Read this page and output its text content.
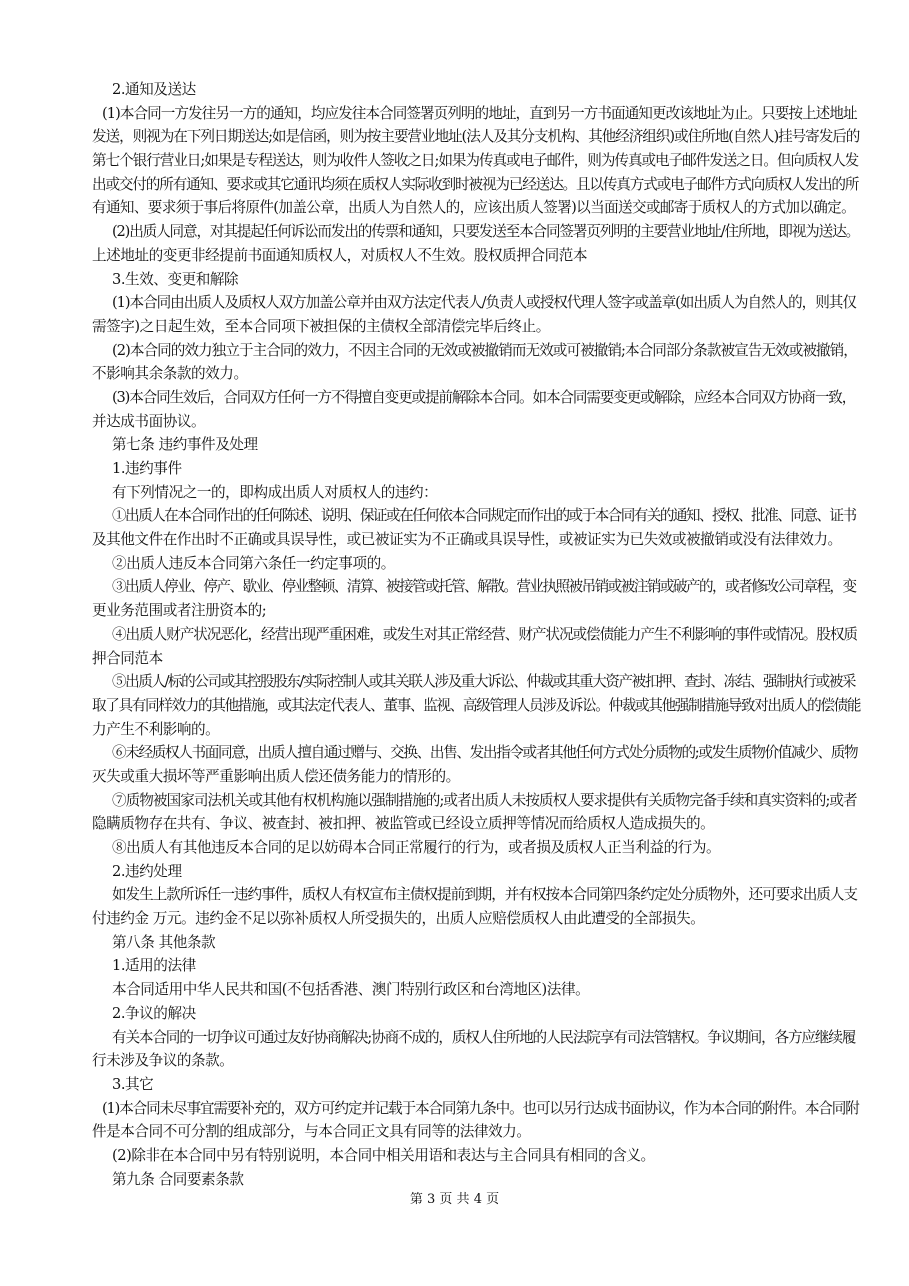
2.通知及送达
(1)本合同一方发往另一方的通知，均应发往本合同签署页列明的地址，直到另一方书面通知更改该地址为止。只要按上述地址
发送，则视为在下列日期送达;如是信函，则为按主要营业地址(法人及其分支机构、其他经济组织)或住所地(自然人)挂号寄发后的
第七个银行营业日;如果是专程送达，则为收件人签收之日;如果为传真或电子邮件，则为传真或电子邮件发送之日。但向质权人发
出或交付的所有通知、要求或其它通讯均须在质权人实际收到时被视为已经送达。且以传真方式或电子邮件方式向质权人发出的所
有通知、要求须于事后将原件(加盖公章，出质人为自然人的，应该出质人签署)以当面送交或邮寄于质权人的方式加以确定。
(2)出质人同意，对其提起任何诉讼而发出的传票和通知，只要发送至本合同签署页列明的主要营业地址/住所地，即视为送达。
上述地址的变更非经提前书面通知质权人，对质权人不生效。股权质押合同范本
3.生效、变更和解除
(1)本合同由出质人及质权人双方加盖公章并由双方法定代表人/负责人或授权代理人签字或盖章(如出质人为自然人的，则其仅
需签字)之日起生效，至本合同项下被担保的主债权全部清偿完毕后终止。
(2)本合同的效力独立于主合同的效力，不因主合同的无效或被撤销而无效或可被撤销;本合同部分条款被宣告无效或被撤销，
不影响其余条款的效力。
(3)本合同生效后，合同双方任何一方不得擅自变更或提前解除本合同。如本合同需要变更或解除，应经本合同双方协商一致，
并达成书面协议。
第七条 违约事件及处理
1.违约事件
有下列情况之一的，即构成出质人对质权人的违约：
①出质人在本合同作出的任何陈述、说明、保证或在任何依本合同规定而作出的或于本合同有关的通知、授权、批准、同意、证书
及其他文件在作出时不正确或具误导性，或已被证实为不正确或具误导性，或被证实为已失效或被撤销或没有法律效力。
②出质人违反本合同第六条任一约定事项的。
③出质人停业、停产、歇业、停业整顿、清算、被接管或托管、解散。营业执照被吊销或被注销或破产的，或者修改公司章程，变
更业务范围或者注册资本的;
④出质人财产状况恶化，经营出现严重困难，或发生对其正常经营、财产状况或偿债能力产生不利影响的事件或情况。股权质
押合同范本
⑤出质人/标的公司或其控股股东/实际控制人或其关联人涉及重大诉讼、仲裁或其重大资产被扣押、查封、冻结、强制执行或被采
取了具有同样效力的其他措施，或其法定代表人、董事、监视、高级管理人员涉及诉讼。仲裁或其他强制措施导致对出质人的偿债能
力产生不利影响的。
⑥未经质权人书面同意，出质人擅自通过赠与、交换、出售、发出指令或者其他任何方式处分质物的;或发生质物价值减少、质物
灭失或重大损坏等严重影响出质人偿还债务能力的情形的。
⑦质物被国家司法机关或其他有权机构施以强制措施的;或者出质人未按质权人要求提供有关质物完备手续和真实资料的;或者
隐瞒质物存在共有、争议、被查封、被扣押、被监管或已经设立质押等情况而给质权人造成损失的。
⑧出质人有其他违反本合同的足以妨碍本合同正常履行的行为，或者损及质权人正当利益的行为。
2.违约处理
如发生上款所诉任一违约事件，质权人有权宣布主债权提前到期，并有权按本合同第四条约定处分质物外，还可要求出质人支
付违约金 万元。违约金不足以弥补质权人所受损失的，出质人应赔偿质权人由此遭受的全部损失。
第八条 其他条款
1.适用的法律
本合同适用中华人民共和国(不包括香港、澳门特别行政区和台湾地区)法律。
2.争议的解决
有关本合同的一切争议可通过友好协商解决;协商不成的，质权人住所地的人民法院享有司法管辖权。争议期间，各方应继续履
行未涉及争议的条款。
3.其它
(1)本合同未尽事宜需要补充的，双方可约定并记载于本合同第九条中。也可以另行达成书面协议，作为本合同的附件。本合同附
件是本合同不可分割的组成部分，与本合同正文具有同等的法律效力。
(2)除非在本合同中另有特别说明，本合同中相关用语和表达与主合同具有相同的含义。
第九条 合同要素条款
第 3 页 共 4 页
